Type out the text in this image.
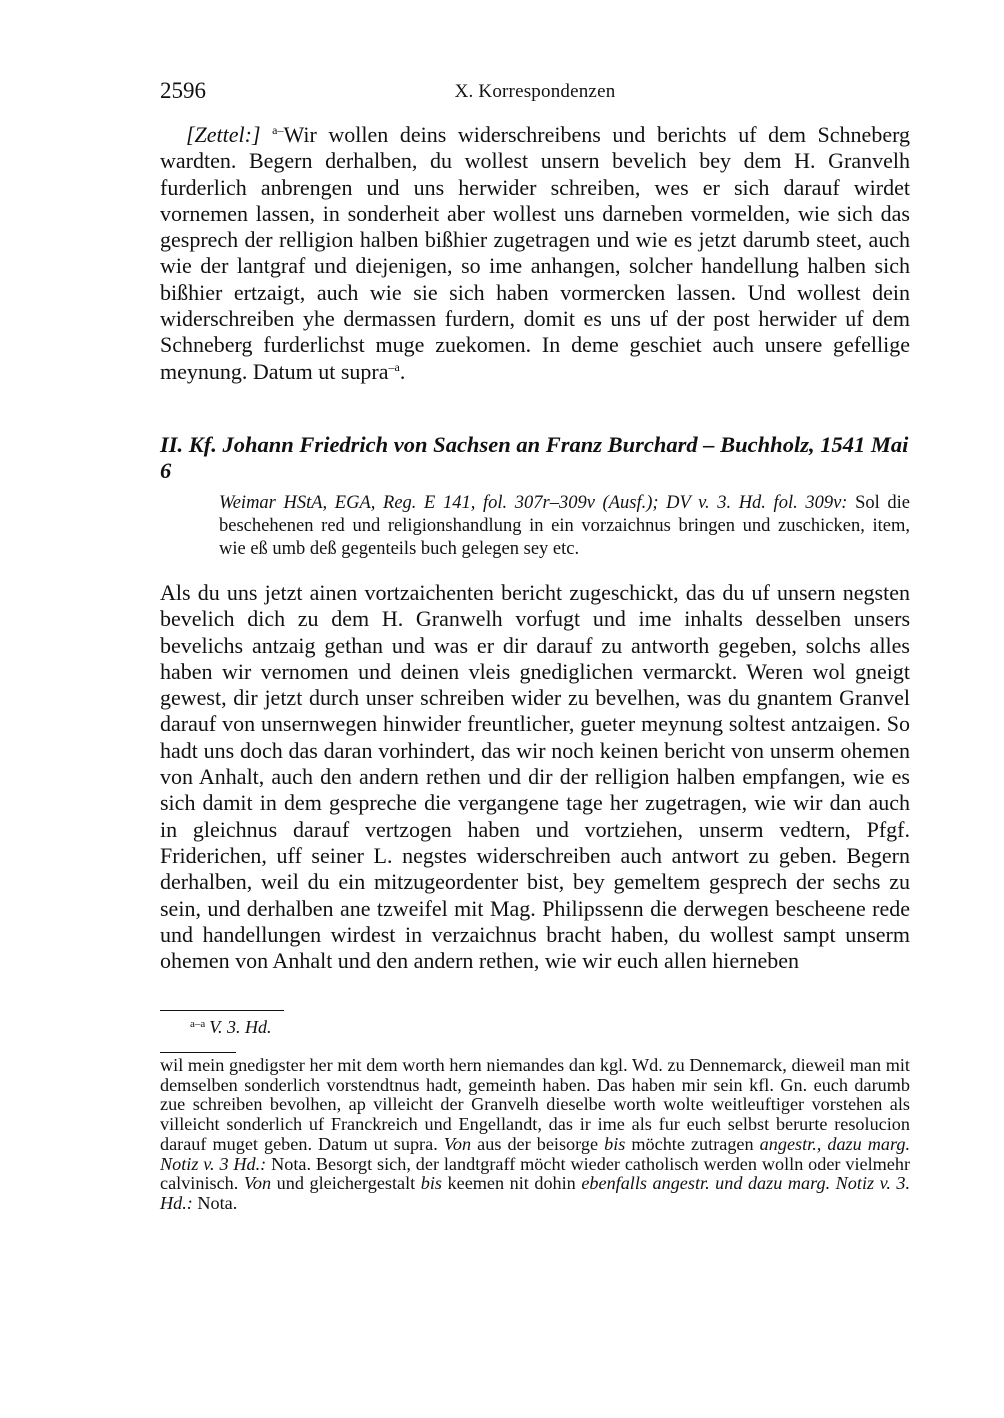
2596	X. Korrespondenzen
[Zettel:] $^{a-}$Wir wollen deins widerschreibens und berichts uf dem Schneberg wardten. Begern derhalben, du wollest unsern bevelich bey dem H. Granvelh furderlich anbrengen und uns herwider schreiben, wes er sich darauf wirdet vornemen lassen, in sonderheit aber wollest uns darneben vormelden, wie sich das gesprech der relligion halben bißhier zugetragen und wie es jetzt darumb steet, auch wie der lantgraf und diejenigen, so ime anhangen, solcher handellung halben sich bißhier ertzaigt, auch wie sie sich haben vormercken lassen. Und wollest dein widerschreiben yhe dermassen furdern, domit es uns uf der post herwider uf dem Schneberg furderlichst muge zuekomen. In deme geschiet auch unsere gefellige meynung. Datum ut supra$^{-a}$.
II. Kf. Johann Friedrich von Sachsen an Franz Burchard – Buchholz, 1541 Mai 6
Weimar HStA, EGA, Reg. E 141, fol. 307r–309v (Ausf.); DV v. 3. Hd. fol. 309v: Sol die beschehenen red und religionshandlung in ein vorzaichnus bringen und zuschicken, item, wie eß umb deß gegenteils buch gelegen sey etc.
Als du uns jetzt ainen vortzaichenten bericht zugeschickt, das du uf unsern negsten bevelich dich zu dem H. Granwelh vorfugt und ime inhalts desselben unsers bevelichs antzaig gethan und was er dir darauf zu antworth gegeben, solchs alles haben wir vernomen und deinen vleis gnediglichen vermarckt. Weren wol gneigt gewest, dir jetzt durch unser schreiben wider zu bevelhen, was du gnantem Granvel darauf von unsernwegen hinwider freuntlicher, gueter meynung soltest antzaigen. So hadt uns doch das daran vorhindert, das wir noch keinen bericht von unserm ohemen von Anhalt, auch den andern rethen und dir der relligion halben empfangen, wie es sich damit in dem gespreche die vergangene tage her zugetragen, wie wir dan auch in gleichnus darauf vertzogen haben und vortziehen, unserm vedtern, Pfgf. Friderichen, uff seiner L. negstes widerschreiben auch antwort zu geben. Begern derhalben, weil du ein mitzugeordenter bist, bey gemeltem gesprech der sechs zu sein, und derhalben ane tzweifel mit Mag. Philipssenn die derwegen bescheene rede und handellungen wirdest in verzaichnus bracht haben, du wollest sampt unserm ohemen von Anhalt und den andern rethen, wie wir euch allen hierneben
$^{a-a}$ V. 3. Hd.
wil mein gnedigster her mit dem worth hern niemandes dan kgl. Wd. zu Dennemarck, dieweil man mit demselben sonderlich vorstendtnus hadt, gemeinth haben. Das haben mir sein kfl. Gn. euch darumb zue schreiben bevolhen, ap villeicht der Granvelh dieselbe worth wolte weitleuftiger vorstehen als villeicht sonderlich uf Franckreich und Engellandt, das ir ime als fur euch selbst berurte resolucion darauf muget geben. Datum ut supra. Von aus der beisorge bis möchte zutragen angestr., dazu marg. Notiz v. 3 Hd.: Nota. Besorgt sich, der landtgraff möcht wieder catholisch werden wolln oder vielmehr calvinisch. Von und gleichergestalt bis keemen nit dohin ebenfalls angestr. und dazu marg. Notiz v. 3. Hd.: Nota.
